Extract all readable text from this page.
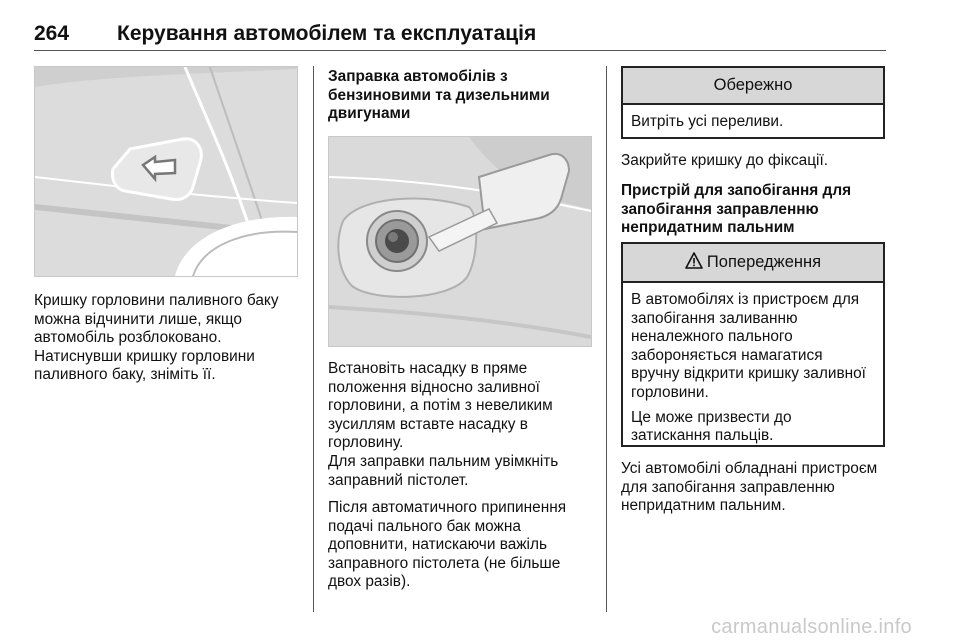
264 Керування автомобілем та експлуатація

Кришку горловини паливного баку можна відчинити лише, якщо автомобіль розблоковано. Натиснувши кришку горловини паливного баку, зніміть її.

Заправка автомобілів з бензиновими та дизельними двигунами

Встановіть насадку в пряме положення відносно заливної горловини, а потім з невеликим зусиллям вставте насадку в горловину.

Для заправки пальним увімкніть заправний пістолет.

Після автоматичного припинення подачі пального бак можна доповнити, натискаючи важіль заправного пістолета (не більше двох разів).

Обережно
Витріть усі переливи.

Закрийте кришку до фіксації.

Пристрій для запобігання для запобігання заправленню непридатним пальним

Попередження

В автомобілях із пристроєм для запобігання заливанню неналежного пального забороняється намагатися вручну відкрити кришку заливної горловини.

Це може призвести до затискання пальців.

Усі автомобілі обладнані пристроєм для запобігання заправленню непридатним пальним.

carmanualsonline.info
